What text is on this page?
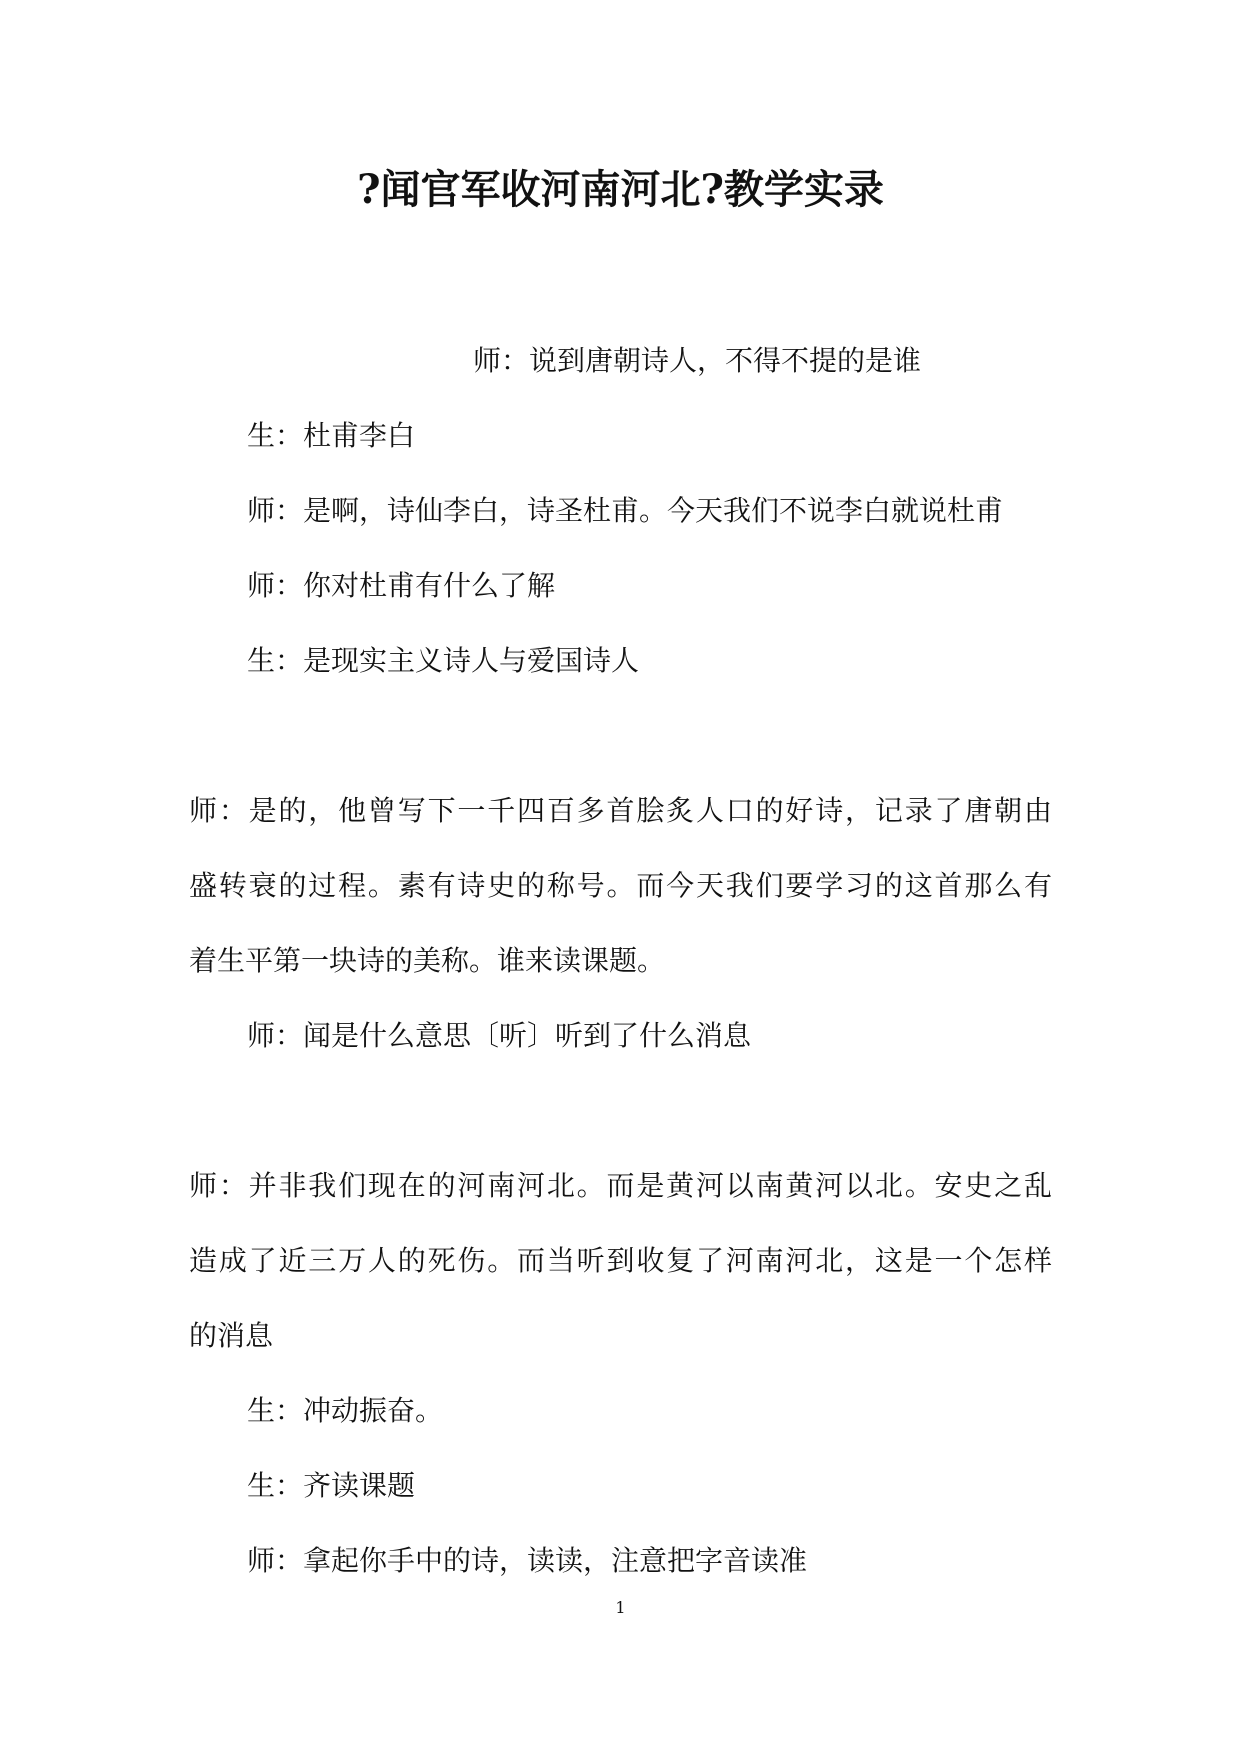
?闻官军收河南河北?教学实录
师：说到唐朝诗人，不得不提的是谁
生：杜甫李白
师：是啊，诗仙李白，诗圣杜甫。今天我们不说李白就说杜甫
师：你对杜甫有什么了解
生：是现实主义诗人与爱国诗人
师：是的，他曾写下一千四百多首脍炙人口的好诗，记录了唐朝由
盛转衰的过程。素有诗史的称号。而今天我们要学习的这首那么有
着生平第一块诗的美称。谁来读课题。
师：闻是什么意思〔听〕听到了什么消息
师：并非我们现在的河南河北。而是黄河以南黄河以北。安史之乱
造成了近三万人的死伤。而当听到收复了河南河北，这是一个怎样
的消息
生：冲动振奋。
生：齐读课题
师：拿起你手中的诗，读读，注意把字音读准
1
